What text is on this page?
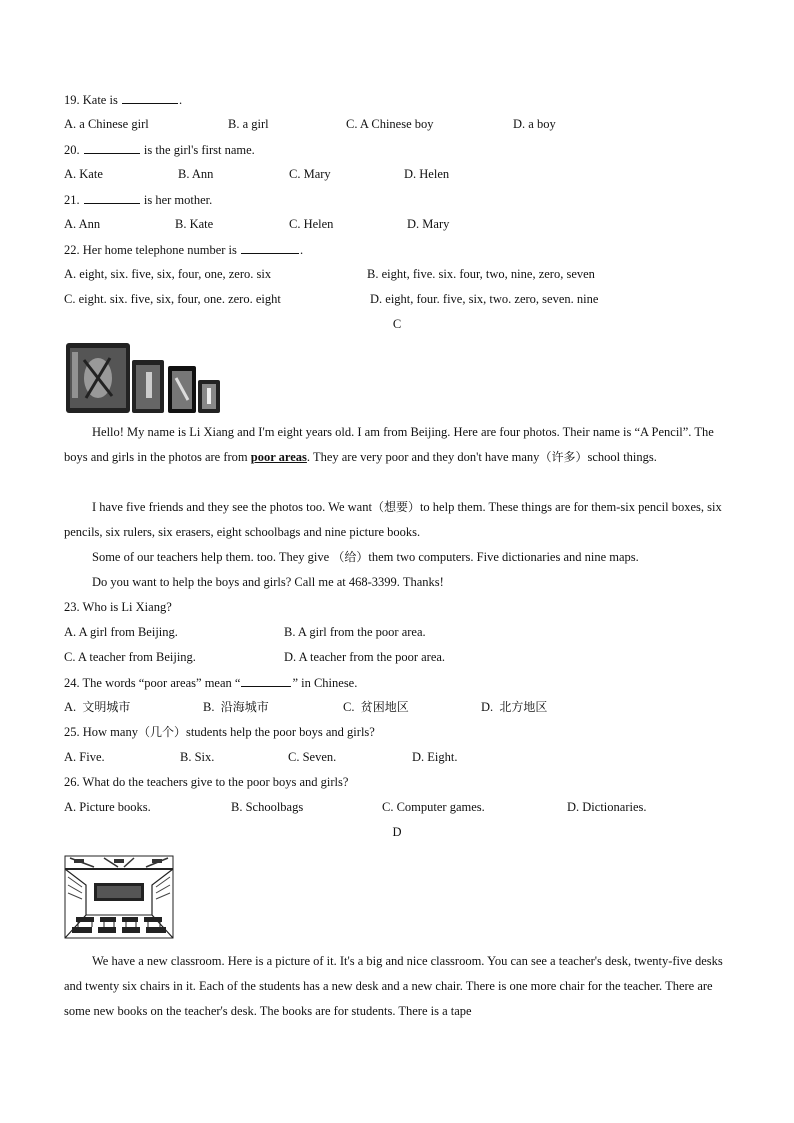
19. Kate is	.
A. a Chinese girl	B. a girl	C. A Chinese boy	D. a boy
20.	is the girl's first name.
A. Kate	B. Ann	C. Mary	D. Helen
21.	is her mother.
A. Ann	B. Kate	C. Helen	D. Mary
22. Her home telephone number is	.
A. eight, six. five, six, four, one, zero. six	B. eight, five. six. four, two, nine, zero, seven
C. eight. six. five, six, four, one. zero. eight	D. eight, four. five, six, two. zero, seven. nine
C
Hello! My name is Li Xiang and I'm eight years old. I am from Beijing. Here are four photos. Their name is “A Pencil”. The boys and girls in the photos are from poor areas. They are very poor and they don't have many（许多）school things.
I have five friends and they see the photos too. We want（想要）to help them. These things are for them-six pencil boxes, six pencils, six rulers, six erasers, eight schoolbags and nine picture books.
Some of our teachers help them. too. They give （给）them two computers. Five dictionaries and nine maps.
Do you want to help the boys and girls? Call me at 468-3399. Thanks!
23. Who is Li Xiang?
A. A girl from Beijing.	B. A girl from the poor area.
C. A teacher from Beijing.	D. A teacher from the poor area.
24. The words “poor areas” mean “	” in Chinese.
A. 文明城市	B. 沿海城市	C. 贫困地区	D. 北方地区
25. How many（几个）students help the poor boys and girls?
A. Five.	B. Six.	C. Seven.	D. Eight.
26. What do the teachers give to the poor boys and girls?
A. Picture books.	B. Schoolbags	C. Computer games.	D. Dictionaries.
D
We have a new classroom. Here is a picture of it. It's a big and nice classroom. You can see a teacher's desk, twenty-five desks and twenty six chairs in it. Each of the students has a new desk and a new chair. There is one more chair for the teacher. There are some new books on the teacher's desk. The books are for students. There is a tape
